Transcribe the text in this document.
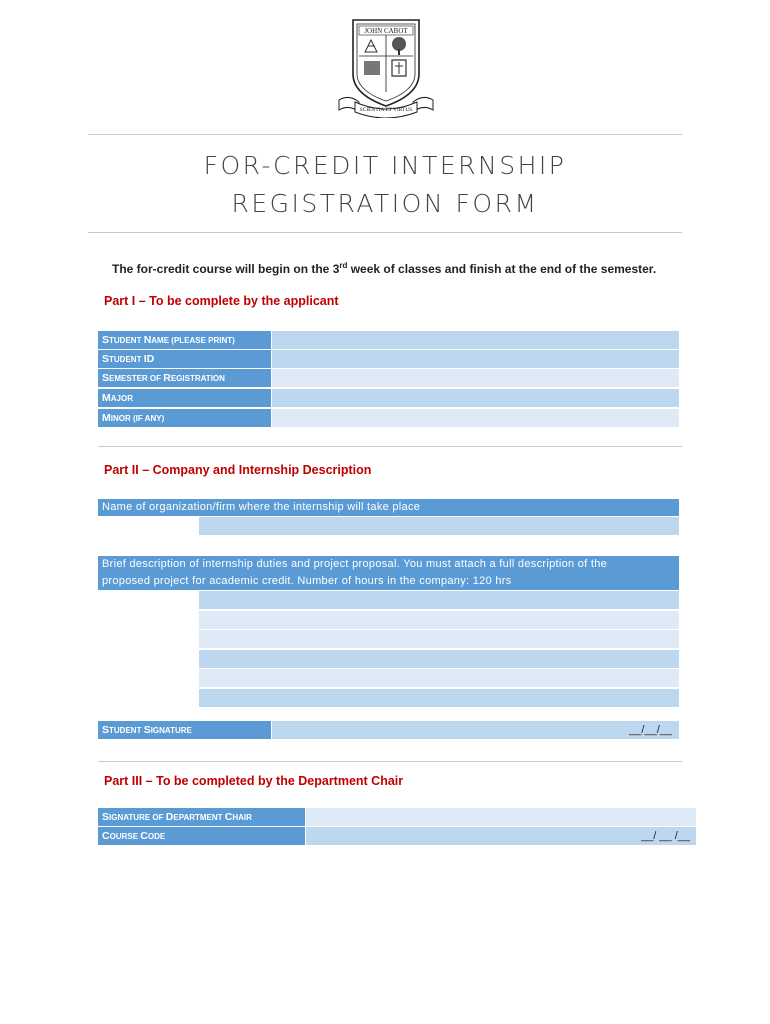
JOHN CABOT
SCIENTIA ET VIRTUS
FOR-CREDIT INTERNSHIP
REGISTRATION FORM
The for-credit course will begin on the 3rd week of classes and finish at the end of the semester.
Part I – To be complete by the applicant
STUDENT NAME (PLEASE PRINT)
STUDENT ID
SEMESTER OF REGISTRATION
MAJOR
MINOR (IF ANY)
Part II – Company and Internship Description
Name of organization/firm where the internship will take place
Brief description of internship duties and project proposal. You must attach a full description of the
proposed project for academic credit. Number of hours in the company: 120 hrs
STUDENT SIGNATURE	__/__/__
Part III – To be completed by the Department Chair
SIGNATURE OF DEPARTMENT CHAIR
COURSE CODE	__/ __ /__
